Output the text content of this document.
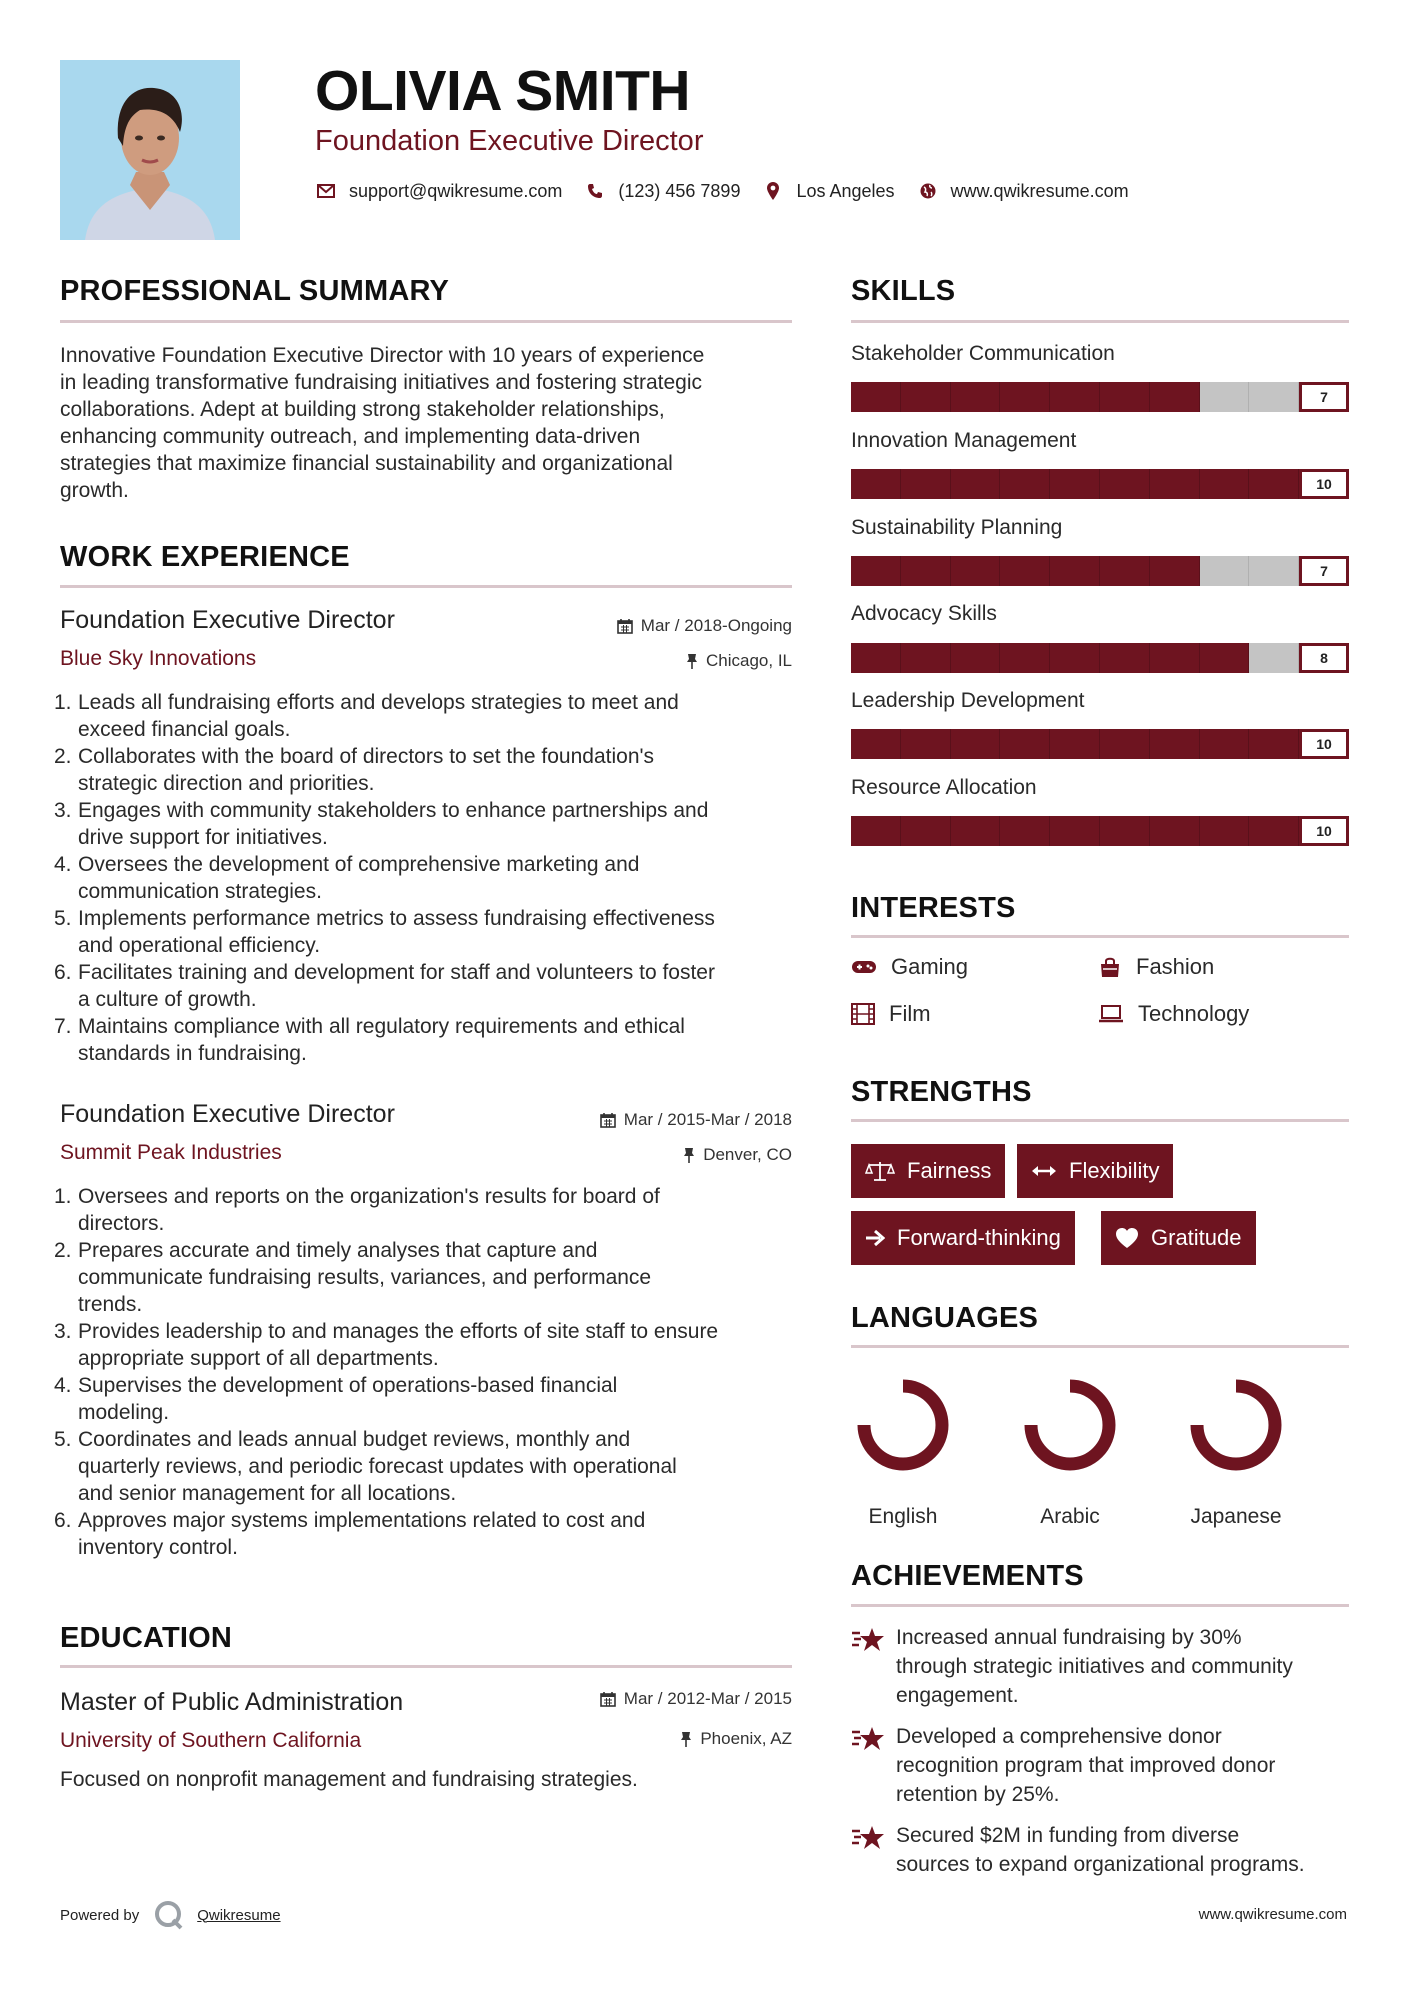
OLIVIA SMITH
Foundation Executive Director
support@qwikresume.com	(123) 456 7899	Los Angeles	www.qwikresume.com
PROFESSIONAL SUMMARY
Innovative Foundation Executive Director with 10 years of experience
in leading transformative fundraising initiatives and fostering strategic
collaborations. Adept at building strong stakeholder relationships,
enhancing community outreach, and implementing data-driven
strategies that maximize financial sustainability and organizational
growth.
WORK EXPERIENCE
Foundation Executive Director	Mar / 2018-Ongoing
Blue Sky Innovations	Chicago, IL
1. Leads all fundraising efforts and develops strategies to meet and
exceed financial goals.
2. Collaborates with the board of directors to set the foundation's
strategic direction and priorities.
3. Engages with community stakeholders to enhance partnerships and
drive support for initiatives.
4. Oversees the development of comprehensive marketing and
communication strategies.
5. Implements performance metrics to assess fundraising effectiveness
and operational efficiency.
6. Facilitates training and development for staff and volunteers to foster
a culture of growth.
7. Maintains compliance with all regulatory requirements and ethical
standards in fundraising.
Foundation Executive Director	Mar / 2015-Mar / 2018
Summit Peak Industries	Denver, CO
1. Oversees and reports on the organization's results for board of
directors.
2. Prepares accurate and timely analyses that capture and
communicate fundraising results, variances, and performance
trends.
3. Provides leadership to and manages the efforts of site staff to ensure
appropriate support of all departments.
4. Supervises the development of operations-based financial
modeling.
5. Coordinates and leads annual budget reviews, monthly and
quarterly reviews, and periodic forecast updates with operational
and senior management for all locations.
6. Approves major systems implementations related to cost and
inventory control.
EDUCATION
Master of Public Administration	Mar / 2012-Mar / 2015
University of Southern California	Phoenix, AZ
Focused on nonprofit management and fundraising strategies.
SKILLS
Stakeholder Communication
7
Innovation Management
10
Sustainability Planning
7
Advocacy Skills
8
Leadership Development
10
Resource Allocation
10
INTERESTS
Gaming	Fashion
Film	Technology
STRENGTHS
Fairness	Flexibility
Forward-thinking	Gratitude
LANGUAGES
English	Arabic	Japanese
ACHIEVEMENTS
Increased annual fundraising by 30%
through strategic initiatives and community
engagement.
Developed a comprehensive donor
recognition program that improved donor
retention by 25%.
Secured $2M in funding from diverse
sources to expand organizational programs.
Powered by	Qwikresume	www.qwikresume.com
